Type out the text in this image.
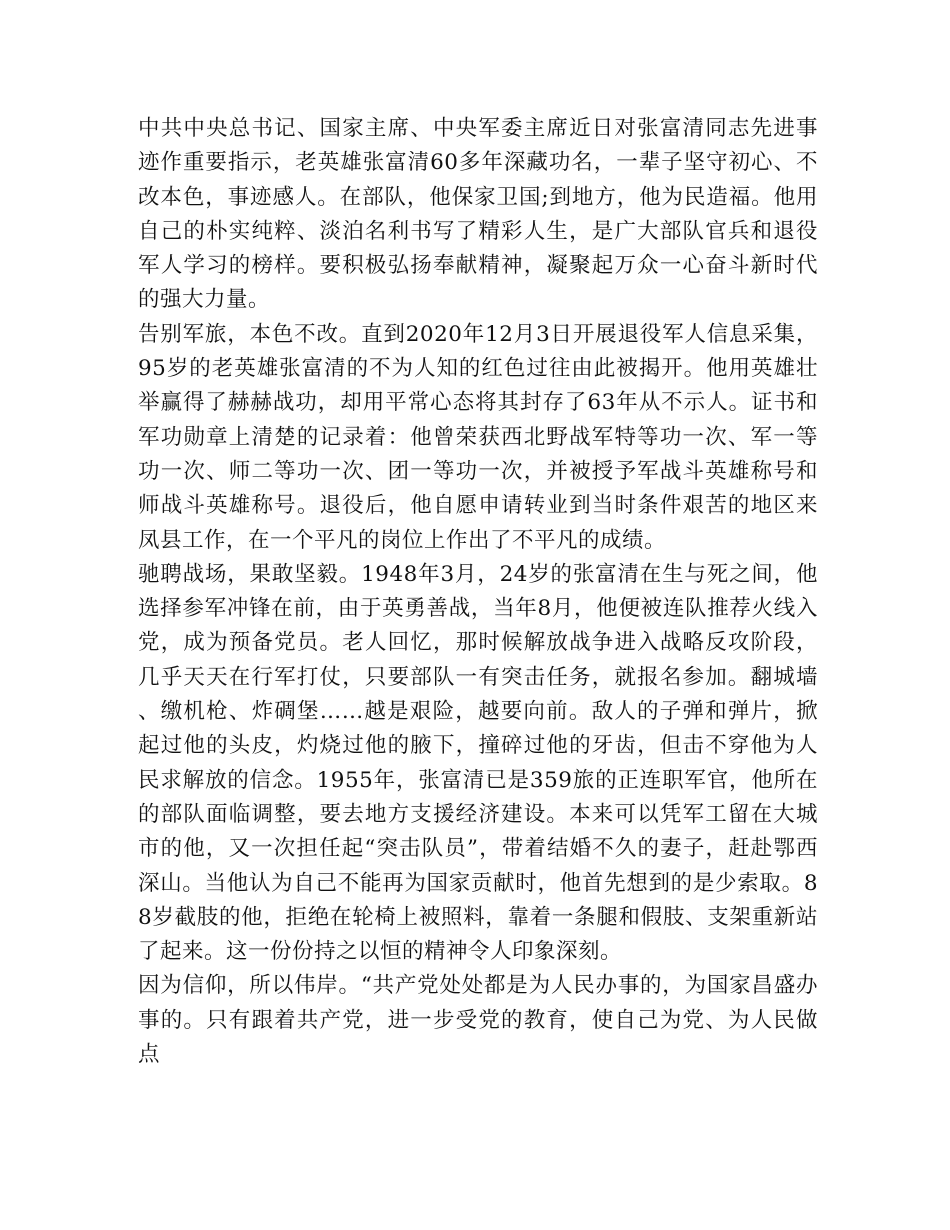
中共中央总书记、国家主席、中央军委主席近日对张富清同志先进事迹作重要指示，老英雄张富清60多年深藏功名，一辈子坚守初心、不改本色，事迹感人。在部队，他保家卫国;到地方，他为民造福。他用自己的朴实纯粹、淡泊名利书写了精彩人生，是广大部队官兵和退役军人学习的榜样。要积极弘扬奉献精神，凝聚起万众一心奋斗新时代的强大力量。

告别军旅，本色不改。直到2020年12月3日开展退役军人信息采集，95岁的老英雄张富清的不为人知的红色过往由此被揭开。他用英雄壮举赢得了赫赫战功，却用平常心态将其封存了63年从不示人。证书和军功勋章上清楚的记录着：他曾荣获西北野战军特等功一次、军一等功一次、师二等功一次、团一等功一次，并被授予军战斗英雄称号和师战斗英雄称号。退役后，他自愿申请转业到当时条件艰苦的地区来凤县工作，在一个平凡的岗位上作出了不平凡的成绩。

驰聘战场，果敢坚毅。1948年3月，24岁的张富清在生与死之间，他选择参军冲锋在前，由于英勇善战，当年8月，他便被连队推荐火线入党，成为预备党员。老人回忆，那时候解放战争进入战略反攻阶段，几乎天天在行军打仗，只要部队一有突击任务，就报名参加。翻城墙、缴机枪、炸碉堡……越是艰险，越要向前。敌人的子弹和弹片，掀起过他的头皮，灼烧过他的腋下，撞碎过他的牙齿，但击不穿他为人民求解放的信念。1955年，张富清已是359旅的正连职军官，他所在的部队面临调整，要去地方支援经济建设。本来可以凭军工留在大城市的他，又一次担任起“突击队员”，带着结婚不久的妻子，赶赴鄂西深山。当他认为自己不能再为国家贡献时，他首先想到的是少索取。88岁截肢的他，拒绝在轮椅上被照料，靠着一条腿和假肢、支架重新站了起来。这一份份持之以恒的精神令人印象深刻。

因为信仰，所以伟岸。“共产党处处都是为人民办事的，为国家昌盛办事的。只有跟着共产党，进一步受党的教育，使自己为党、为人民做点
